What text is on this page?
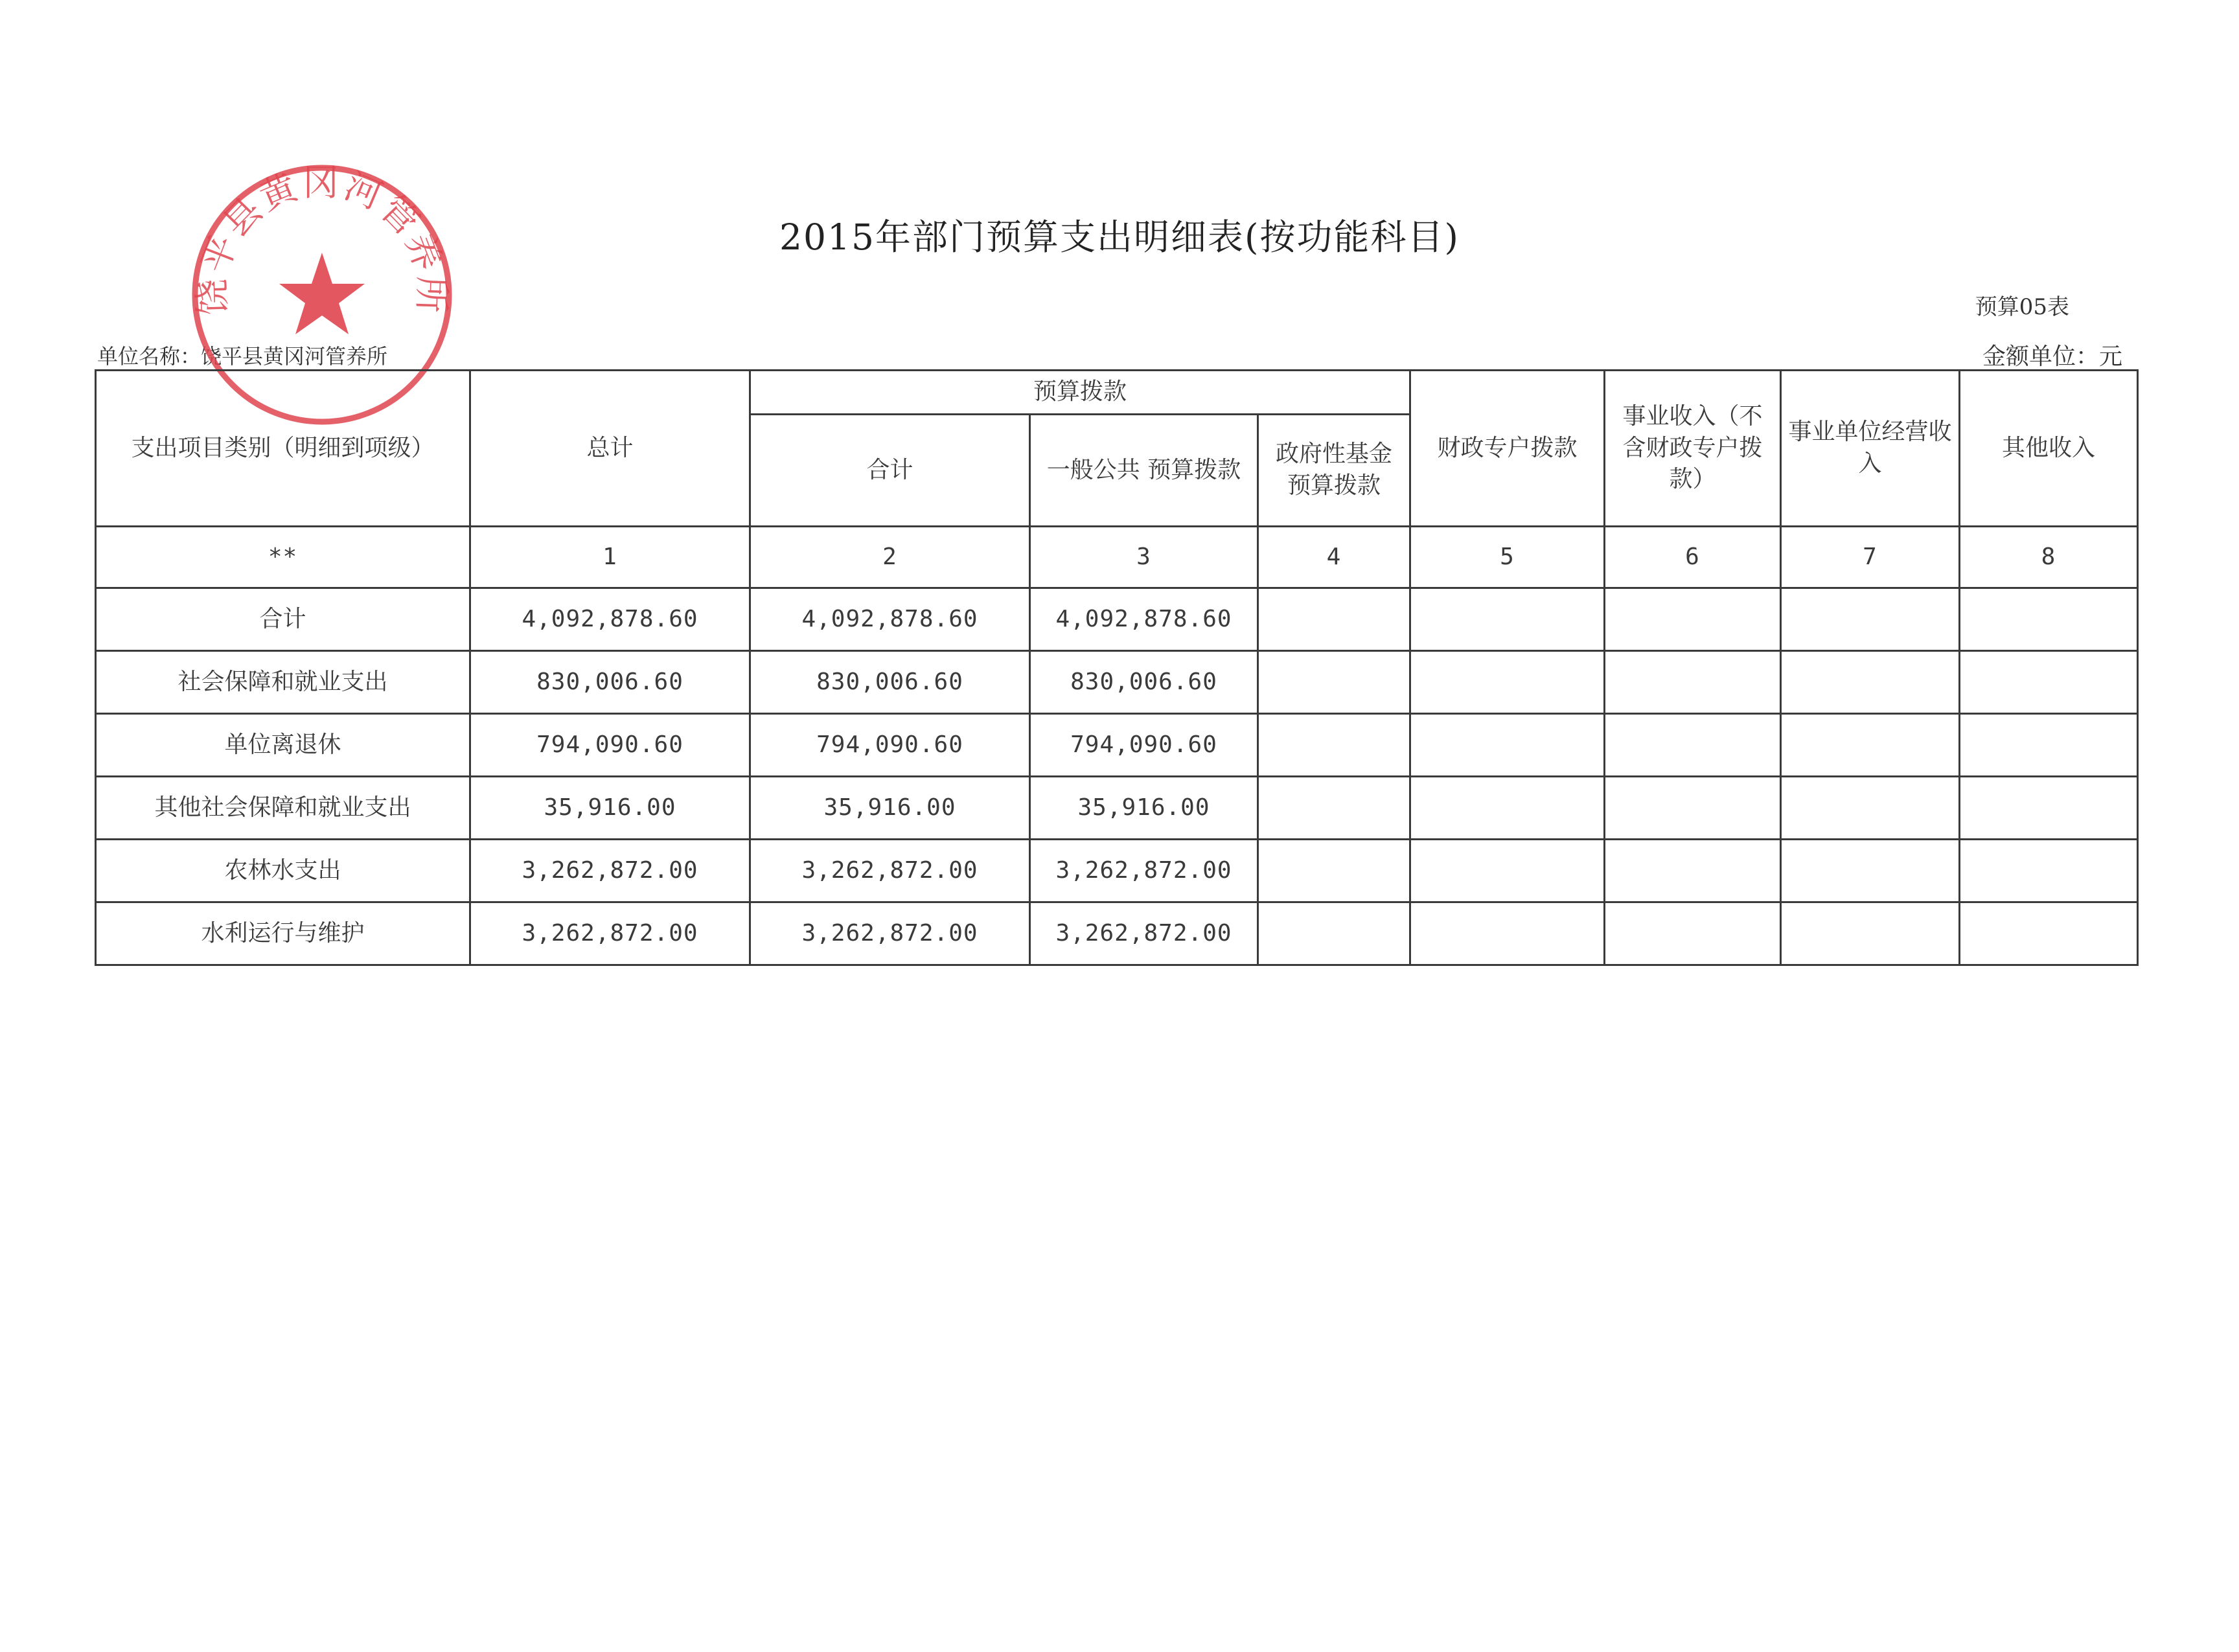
2015年部门预算支出明细表(按功能科目)
预算05表
单位名称：饶平县黄冈河管养所	金额单位：元
饶平县黄冈河管养所
支出项目类别（明细到项级）	总计	预算拨款			财政专户拨款	事业收入（不含财政专户拨款）	事业单位经营收入	其他收入
		合计	一般公共 预算拨款	政府性基金预算拨款				
**	1	2	3	4	5	6	7	8
合计	4,092,878.60	4,092,878.60	4,092,878.60					
社会保障和就业支出	830,006.60	830,006.60	830,006.60					
单位离退休	794,090.60	794,090.60	794,090.60					
其他社会保障和就业支出	35,916.00	35,916.00	35,916.00					
农林水支出	3,262,872.00	3,262,872.00	3,262,872.00					
水利运行与维护	3,262,872.00	3,262,872.00	3,262,872.00					
